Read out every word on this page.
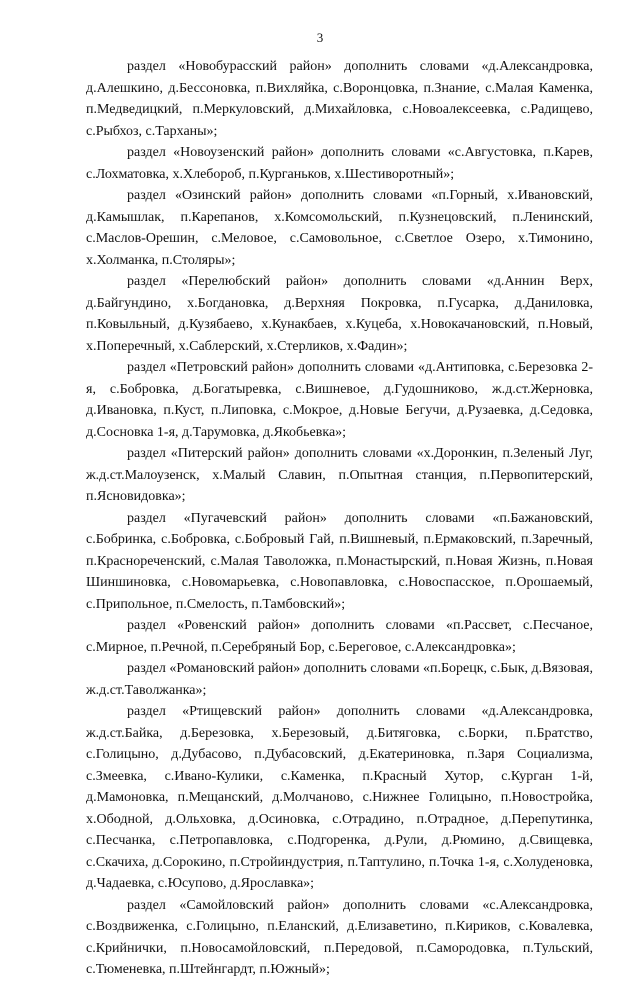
3

раздел «Новобурасский район» дополнить словами «д.Александровка, д.Алешкино, д.Бессоновка, п.Вихляйка, с.Воронцовка, п.Знание, с.Малая Каменка, п.Медведицкий, п.Меркуловский, д.Михайловка, с.Новоалексеевка, с.Радищево, с.Рыбхоз, с.Тарханы»;

раздел «Новоузенский район» дополнить словами «с.Августовка, п.Карев, с.Лохматовка, х.Хлебороб, п.Курганьков, х.Шестиворотный»;

раздел «Озинский район» дополнить словами «п.Горный, х.Ивановский, д.Камышлак, п.Карепанов, х.Комсомольский, п.Кузнецовский, п.Ленинский, с.Маслов-Орешин, с.Меловое, с.Самовольное, с.Светлое Озеро, х.Тимонино, х.Холманка, п.Столяры»;

раздел «Перелюбский район» дополнить словами «д.Аннин Верх, д.Байгундино, х.Богдановка, д.Верхняя Покровка, п.Гусарка, д.Даниловка, п.Ковыльный, д.Кузябаево, х.Кунакбаев, х.Куцеба, х.Новокачановский, п.Новый, х.Поперечный, х.Саблерский, х.Стерликов, х.Фадин»;

раздел «Петровский район» дополнить словами «д.Антиповка, с.Березовка 2-я, с.Бобровка, д.Богатыревка, с.Вишневое, д.Гудошниково, ж.д.ст.Жерновка, д.Ивановка, п.Куст, п.Липовка, с.Мокрое, д.Новые Бегучи, д.Рузаевка, д.Седовка, д.Сосновка 1-я, д.Тарумовка, д.Якобьевка»;

раздел «Питерский район» дополнить словами «х.Доронкин, п.Зеленый Луг, ж.д.ст.Малоузенск, х.Малый Славин, п.Опытная станция, п.Первопитерский, п.Ясновидовка»;

раздел «Пугачевский район» дополнить словами «п.Бажановский, с.Бобринка, с.Бобровка, с.Бобровый Гай, п.Вишневый, п.Ермаковский, п.Заречный, п.Краснореченский, с.Малая Таволожка, п.Монастырский, п.Новая Жизнь, п.Новая Шиншиновка, с.Новомарьевка, с.Новопавловка, с.Новоспасское, п.Орошаемый, с.Припольное, п.Смелость, п.Тамбовский»;

раздел «Ровенский район» дополнить словами «п.Рассвет, с.Песчаное, с.Мирное, п.Речной, п.Серебряный Бор, с.Береговое, с.Александровка»;

раздел «Романовский район» дополнить словами «п.Борецк, с.Бык, д.Вязовая, ж.д.ст.Таволжанка»;

раздел «Ртищевский район» дополнить словами «д.Александровка, ж.д.ст.Байка, д.Березовка, х.Березовый, д.Битяговка, с.Борки, п.Братство, с.Голицыно, д.Дубасово, п.Дубасовский, д.Екатериновка, п.Заря Социализма, с.Змеевка, с.Ивано-Кулики, с.Каменка, п.Красный Хутор, с.Курган 1-й, д.Мамоновка, п.Мещанский, д.Молчаново, с.Нижнее Голицыно, п.Новостройка, х.Ободной, д.Ольховка, д.Осиновка, с.Отрадино, п.Отрадное, д.Перепутинка, с.Песчанка, с.Петропавловка, с.Подгоренка, д.Рули, д.Рюмино, д.Свищевка, с.Скачиха, д.Сорокино, п.Стройиндустрия, п.Таптулино, п.Точка 1-я, с.Холуденовка, д.Чадаевка, с.Юсупово, д.Ярославка»;

раздел «Самойловский район» дополнить словами «с.Александровка, с.Воздвиженка, с.Голицыно, п.Еланский, д.Елизаветино, п.Кириков, с.Ковалевка, с.Крийнички, п.Новосамойловский, п.Передовой, п.Самородовка, п.Тульский, с.Тюменевка, п.Штейнгардт, п.Южный»;
